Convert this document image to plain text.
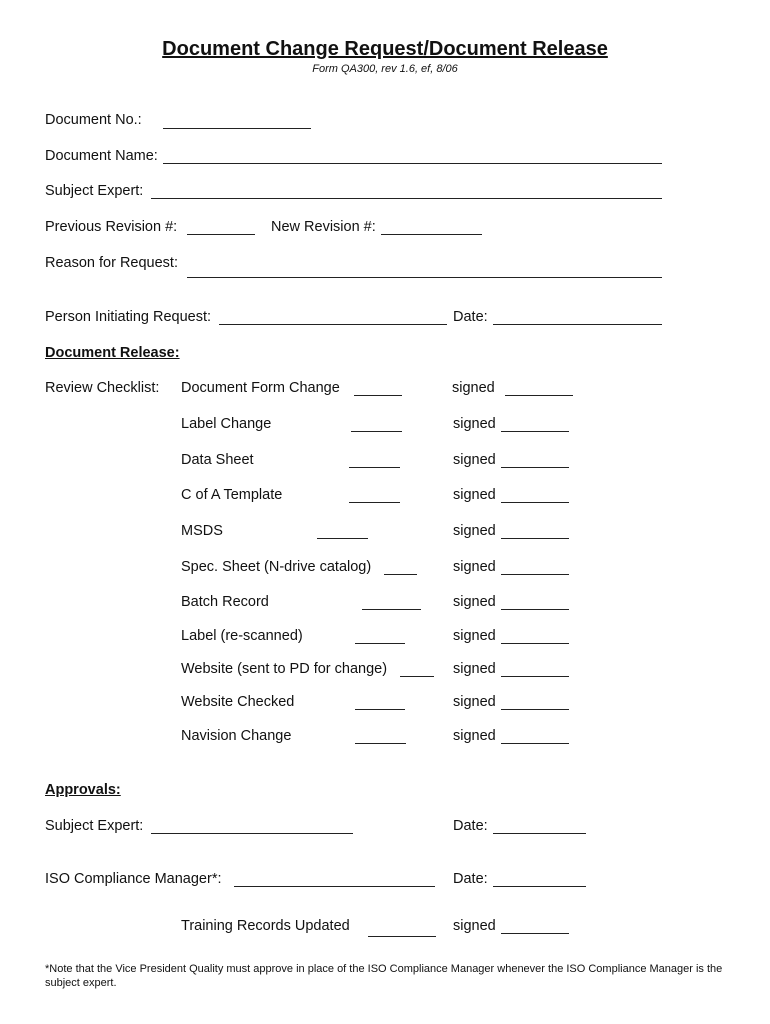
Document Change Request/Document Release
Form QA300, rev 1.6, ef, 8/06
Document No.:
Document Name:
Subject Expert:
Previous Revision #:	New Revision #:
Reason for Request:
Person Initiating Request:	Date:
Document Release:
Review Checklist: Document Form Change	signed
Label Change	signed
Data Sheet	signed
C of A Template	signed
MSDS	signed
Spec. Sheet (N-drive catalog)	signed
Batch Record	signed
Label (re-scanned)	signed
Website (sent to PD for change)	signed
Website Checked	signed
Navision Change	signed
Approvals:
Subject Expert:	Date:
ISO Compliance Manager*:	Date:
Training Records Updated	signed
*Note that the Vice President Quality must approve in place of the ISO Compliance Manager whenever the ISO Compliance Manager is the subject expert.
